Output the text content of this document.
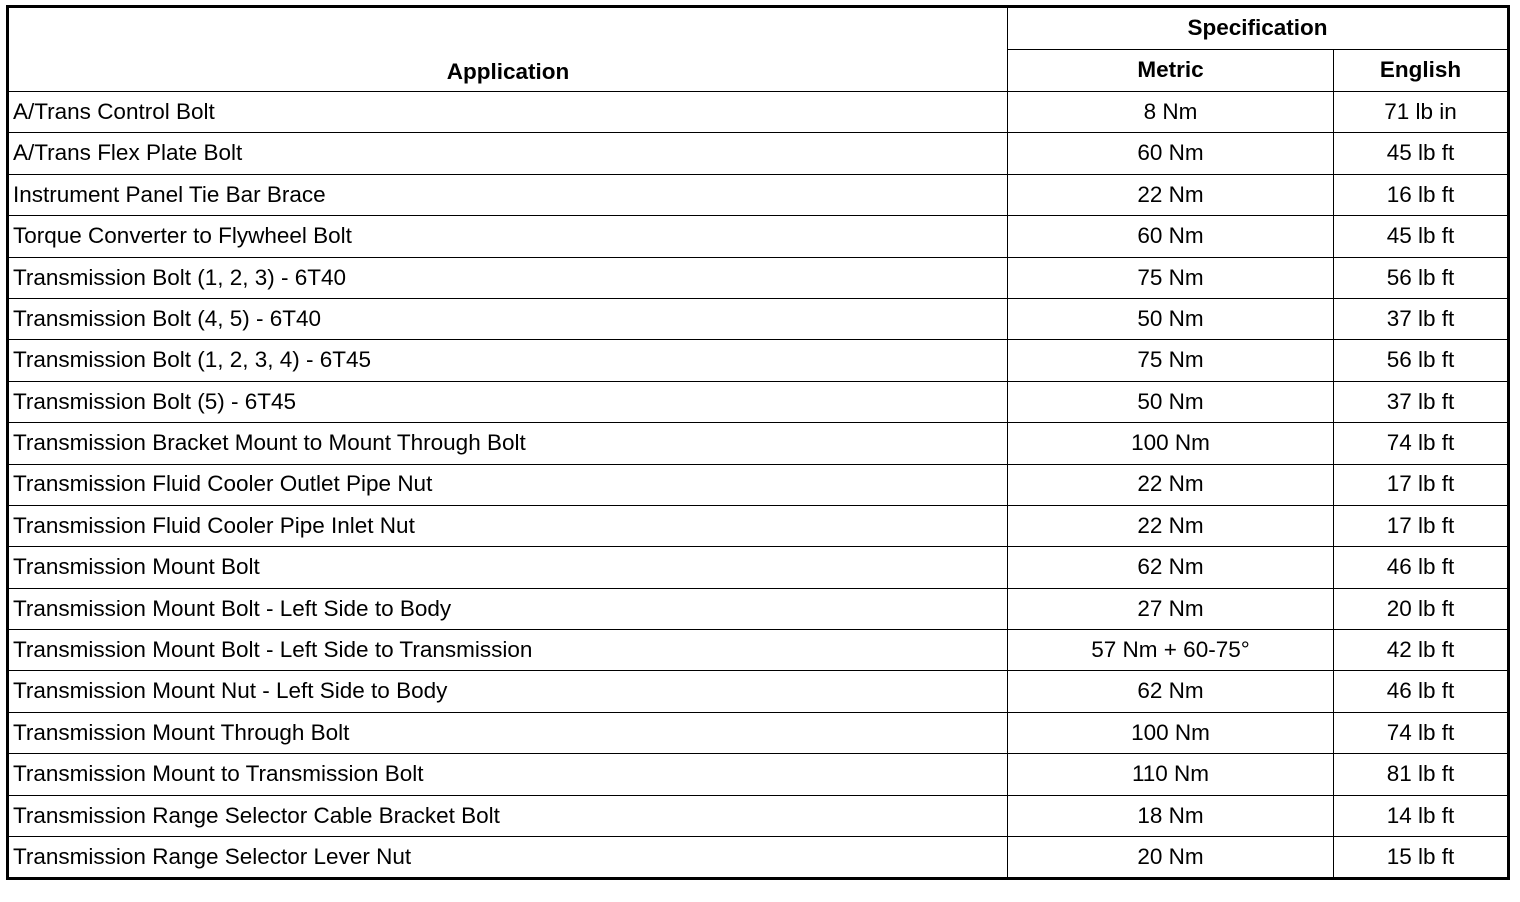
Application	Specification	
	Metric	English
A/Trans Control Bolt	8 Nm	71 lb in
A/Trans Flex Plate Bolt	60 Nm	45 lb ft
Instrument Panel Tie Bar Brace	22 Nm	16 lb ft
Torque Converter to Flywheel Bolt	60 Nm	45 lb ft
Transmission Bolt (1, 2, 3) - 6T40	75 Nm	56 lb ft
Transmission Bolt (4, 5) - 6T40	50 Nm	37 lb ft
Transmission Bolt (1, 2, 3, 4) - 6T45	75 Nm	56 lb ft
Transmission Bolt (5) - 6T45	50 Nm	37 lb ft
Transmission Bracket Mount to Mount Through Bolt	100 Nm	74 lb ft
Transmission Fluid Cooler Outlet Pipe Nut	22 Nm	17 lb ft
Transmission Fluid Cooler Pipe Inlet Nut	22 Nm	17 lb ft
Transmission Mount Bolt	62 Nm	46 lb ft
Transmission Mount Bolt - Left Side to Body	27 Nm	20 lb ft
Transmission Mount Bolt - Left Side to Transmission	57 Nm + 60-75°	42 lb ft
Transmission Mount Nut - Left Side to Body	62 Nm	46 lb ft
Transmission Mount Through Bolt	100 Nm	74 lb ft
Transmission Mount to Transmission Bolt	110 Nm	81 lb ft
Transmission Range Selector Cable Bracket Bolt	18 Nm	14 lb ft
Transmission Range Selector Lever Nut	20 Nm	15 lb ft
